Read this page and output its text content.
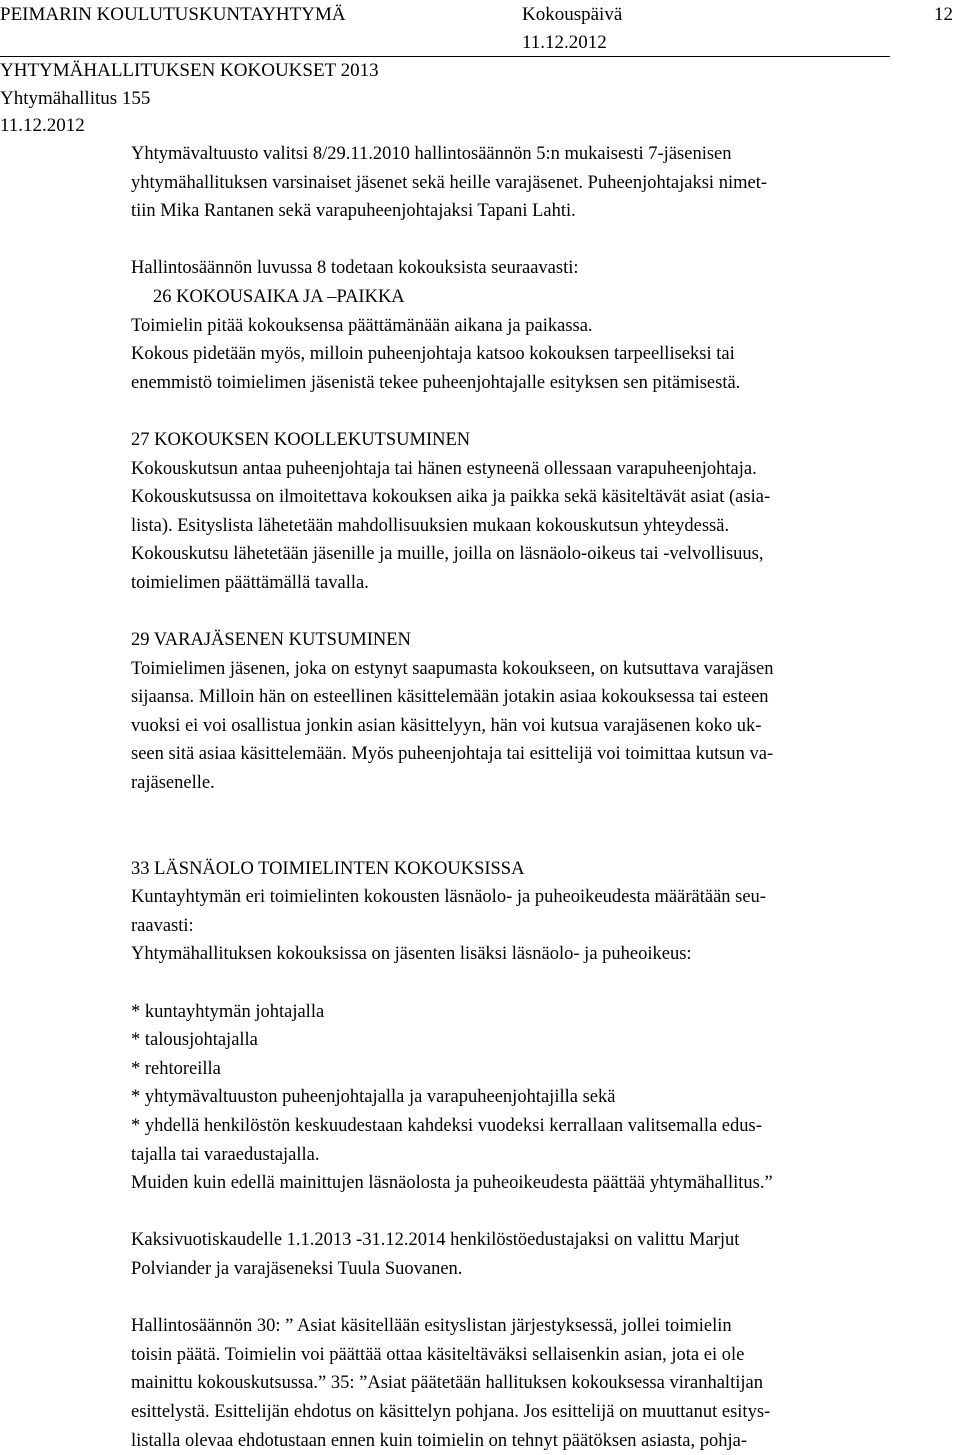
PEIMARIN KOULUTUSKUNTAYHTYMÄ	Kokouspäivä	12
11.12.2012
YHTYMÄHALLITUKSEN KOKOUKSET 2013
Yhtymähallitus 155
11.12.2012

Yhtymävaltuusto valitsi 8/29.11.2010 hallintosäännön 5:n mukaisesti 7-jäsenisen

yhtymähallituksen varsinaiset jäsenet sekä heille varajäsenet. Puheenjohtajaksi nimet-

tiin Mika Rantanen sekä varapuheenjohtajaksi Tapani Lahti.

Hallintosäännön luvussa 8 todetaan kokouksista seuraavasti:

26 KOKOUSAIKA JA –PAIKKA

Toimielin pitää kokouksensa päättämänään aikana ja paikassa.

Kokous pidetään myös, milloin puheenjohtaja katsoo kokouksen tarpeelliseksi tai

enemmistö toimielimen jäsenistä tekee puheenjohtajalle esityksen sen pitämisestä.

27 KOKOUKSEN KOOLLEKUTSUMINEN

Kokouskutsun antaa puheenjohtaja tai hänen estyneenä ollessaan varapuheenjohtaja.

Kokouskutsussa on ilmoitettava kokouksen aika ja paikka sekä käsiteltävät asiat (asia-

lista). Esityslista lähetetään mahdollisuuksien mukaan kokouskutsun yhteydessä.

Kokouskutsu lähetetään jäsenille ja muille, joilla on läsnäolo-oikeus tai -velvollisuus,

toimielimen päättämällä tavalla.

29 VARAJÄSENEN KUTSUMINEN

Toimielimen jäsenen, joka on estynyt saapumasta kokoukseen, on kutsuttava varajäsen

sijaansa. Milloin hän on esteellinen käsittelemään jotakin asiaa kokouksessa tai esteen

vuoksi ei voi osallistua jonkin asian käsittelyyn, hän voi kutsua varajäsenen koko uk-

seen sitä asiaa käsittelemään. Myös puheenjohtaja tai esittelijä voi toimittaa kutsun va-

rajäsenelle.

33 LÄSNÄOLO TOIMIELINTEN KOKOUKSISSA

Kuntayhtymän eri toimielinten kokousten läsnäolo- ja puheoikeudesta määrätään seu-

raavasti:

Yhtymähallituksen kokouksissa on jäsenten lisäksi läsnäolo- ja puheoikeus:

* kuntayhtymän johtajalla

* talousjohtajalla

* rehtoreilla

* yhtymävaltuuston puheenjohtajalla ja varapuheenjohtajilla sekä

* yhdellä henkilöstön keskuudestaan kahdeksi vuodeksi kerrallaan valitsemalla edus-

tajalla tai varaedustajalla.

Muiden kuin edellä mainittujen läsnäolosta ja puheoikeudesta päättää yhtymähallitus.”

Kaksivuotiskaudelle 1.1.2013 -31.12.2014 henkilöstöedustajaksi on valittu Marjut

Polviander ja varajäseneksi Tuula Suovanen.

Hallintosäännön 30: ” Asiat käsitellään esityslistan järjestyksessä, jollei toimielin

toisin päätä. Toimielin voi päättää ottaa käsiteltäväksi sellaisenkin asian, jota ei ole

mainittu kokouskutsussa.” 35: ”Asiat päätetään hallituksen kokouksessa viranhaltijan

esittelystä. Esittelijän ehdotus on käsittelyn pohjana. Jos esittelijä on muuttanut esitys-

listalla olevaa ehdotustaan ennen kuin toimielin on tehnyt päätöksen asiasta, pohja-
